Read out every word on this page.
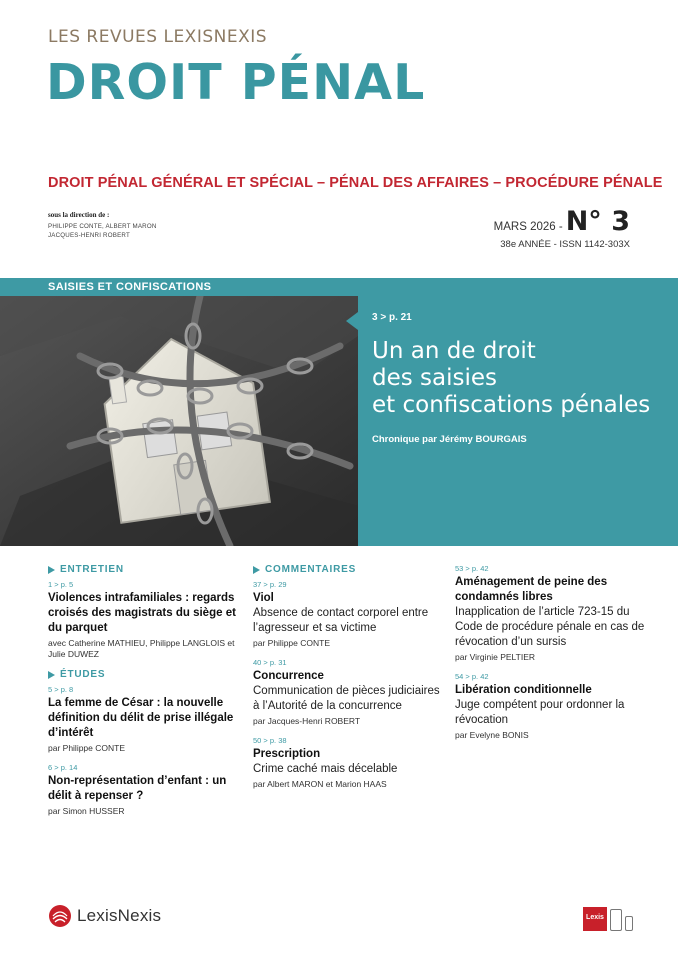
LES REVUES LEXISNEXIS
DROIT PÉNAL
DROIT PÉNAL GÉNÉRAL ET SPÉCIAL – PÉNAL DES AFFAIRES – PROCÉDURE PÉNALE
sous la direction de :
PHILIPPE CONTE, ALBERT MARON
JACQUES-HENRI ROBERT
MARS 2026 - N° 3
38e ANNÉE - ISSN 1142-303X
SAISIES ET CONFISCATIONS
3 > p. 21
Un an de droit
des saisies
et confiscations pénales
Chronique par Jérémy BOURGAIS
ENTRETIEN
1 > p. 5
Violences intrafamiliales : regards croisés des magistrats du siège et du parquet
avec Catherine MATHIEU, Philippe LANGLOIS et Julie DUWEZ
ÉTUDES
5 > p. 8
La femme de César : la nouvelle définition du délit de prise illégale d’intérêt
par Philippe CONTE
6 > p. 14
Non-représentation d’enfant : un délit à repenser ?
par Simon HUSSER
COMMENTAIRES
37 > p. 29
Viol
Absence de contact corporel entre l’agresseur et sa victime
par Philippe CONTE
40 > p. 31
Concurrence
Communication de pièces judiciaires à l’Autorité de la concurrence
par Jacques-Henri ROBERT
50 > p. 38
Prescription
Crime caché mais décelable
par Albert MARON et Marion HAAS
53 > p. 42
Aménagement de peine des condamnés libres
Inapplication de l’article 723-15 du Code de procédure pénale en cas de révocation d’un sursis
par Virginie PELTIER
54 > p. 42
Libération conditionnelle
Juge compétent pour ordonner la révocation
par Evelyne BONIS
LexisNexis	Lexis
